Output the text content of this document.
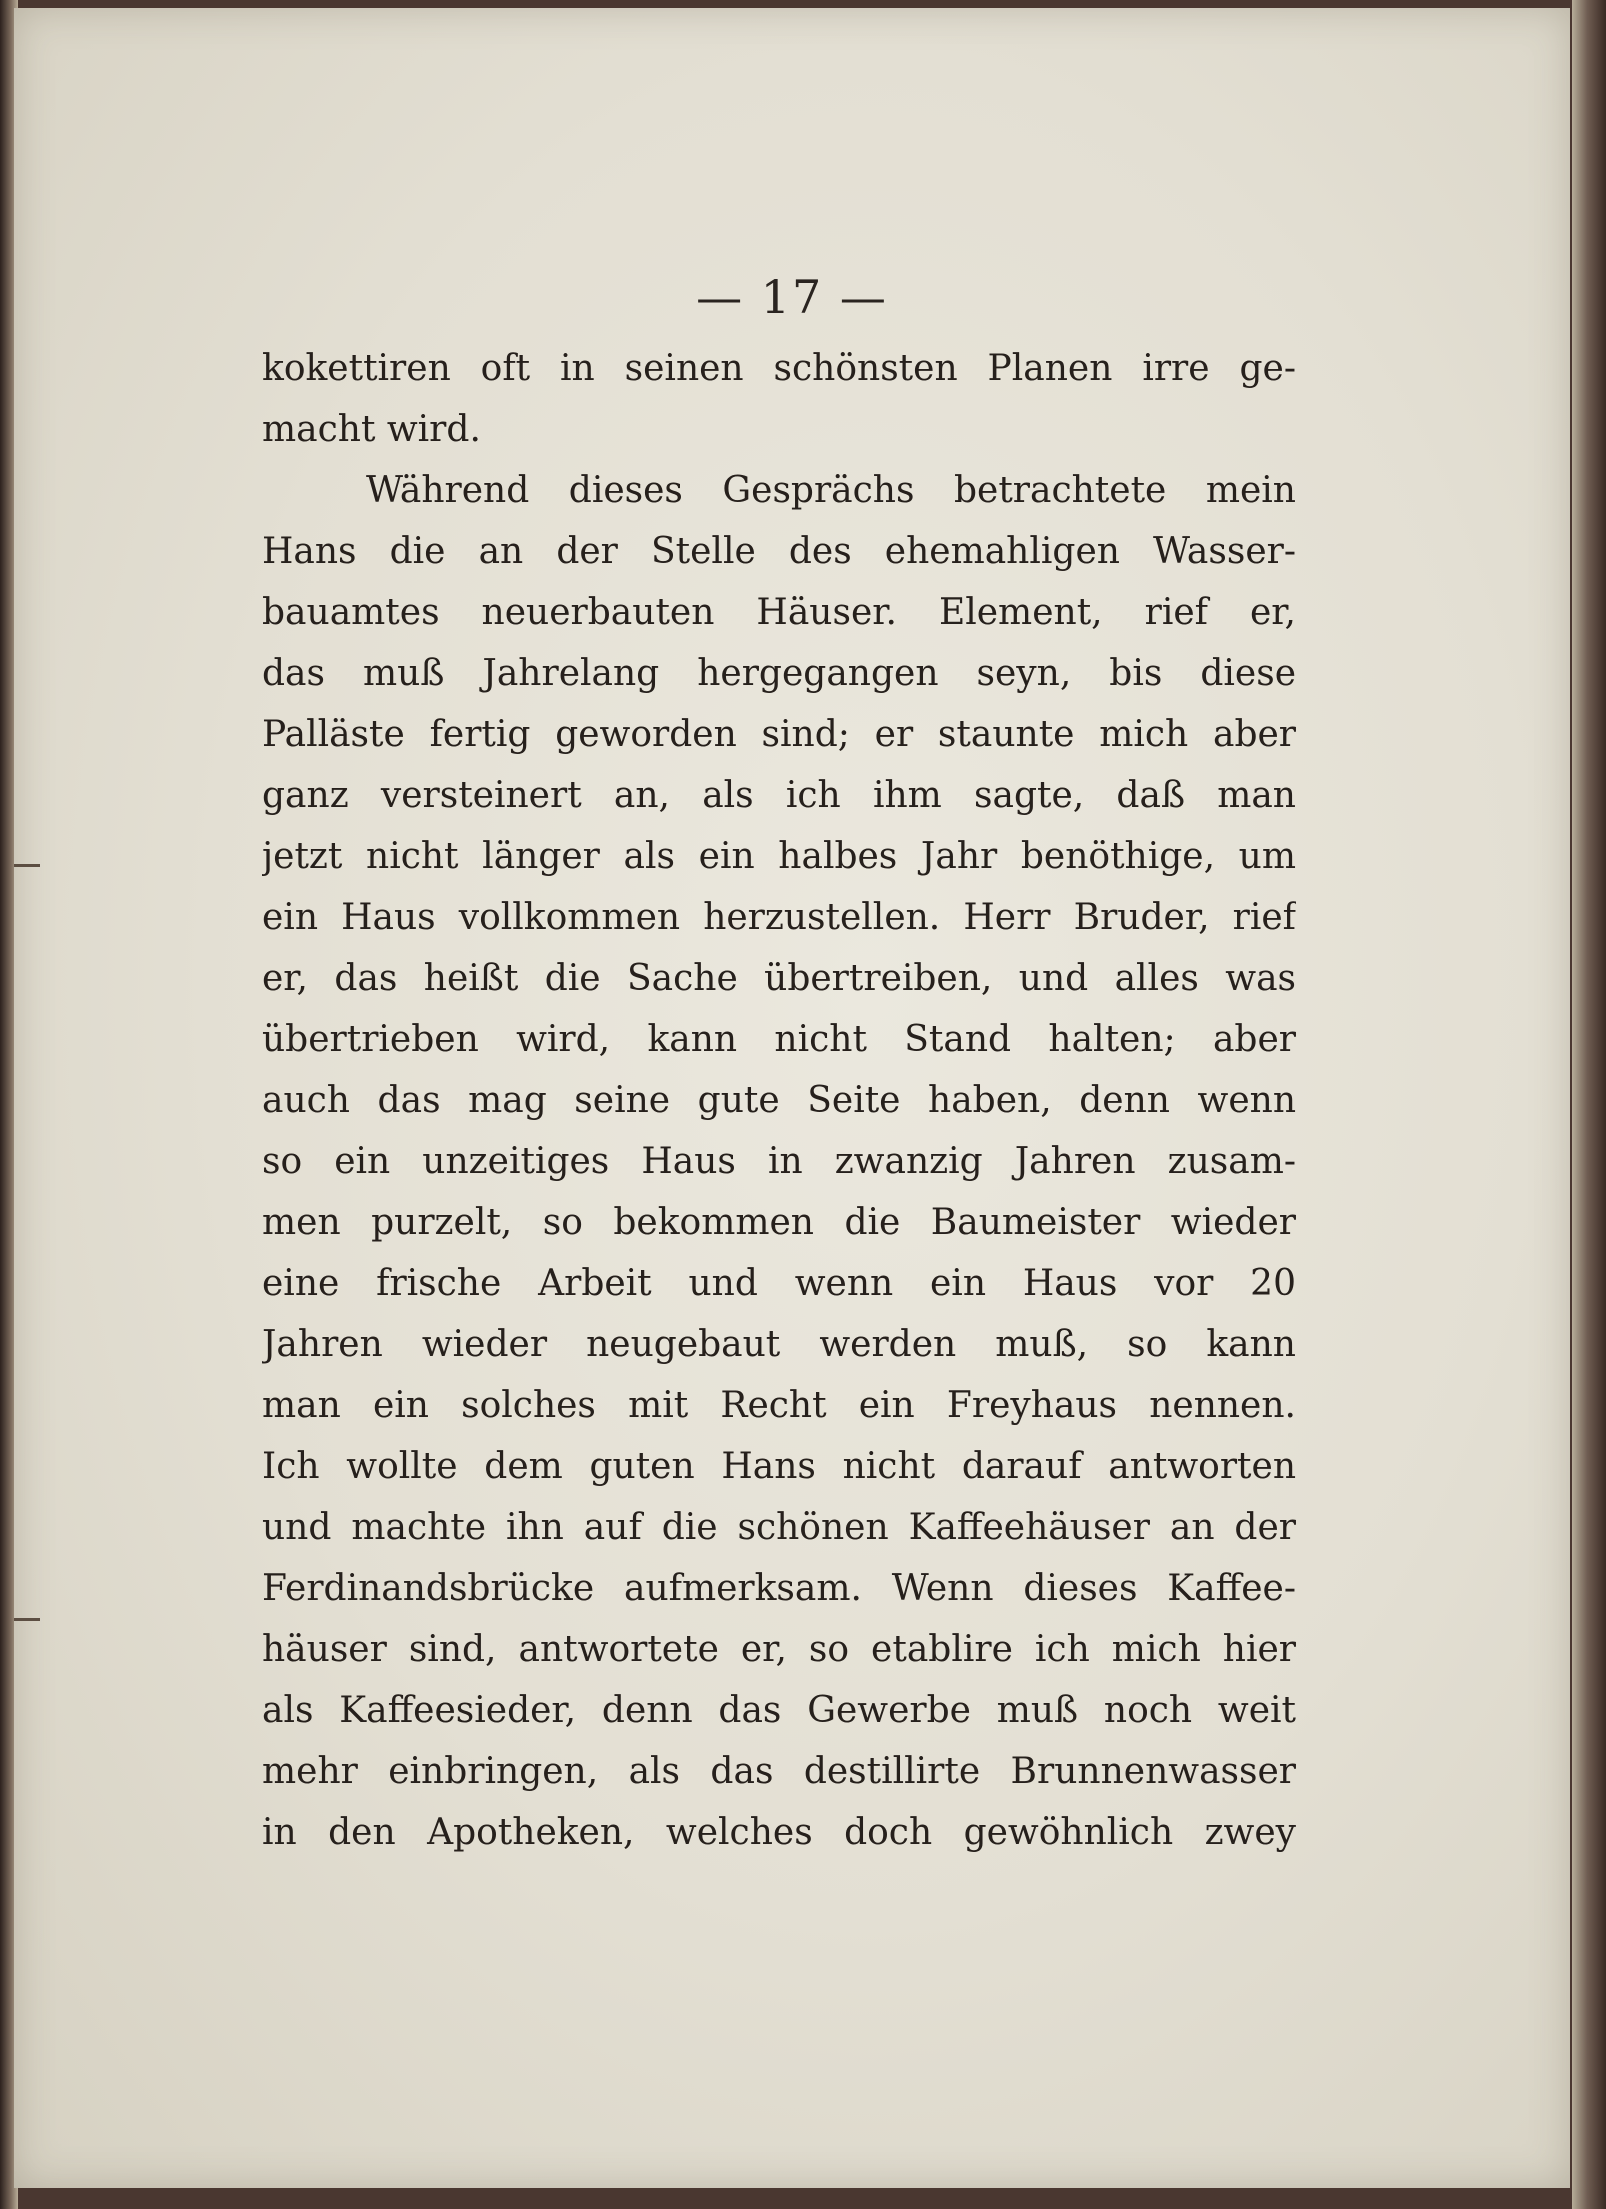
— 17 —
kokettiren oft in seinen schönsten Planen irre ge-
macht wird.
Während dieses Gesprächs betrachtete mein
Hans die an der Stelle des ehemahligen Wasser-
bauamtes neuerbauten Häuser. Element, rief er,
das muß Jahrelang hergegangen seyn, bis diese
Palläste fertig geworden sind; er staunte mich aber
ganz versteinert an, als ich ihm sagte, daß man
jetzt nicht länger als ein halbes Jahr benöthige, um
ein Haus vollkommen herzustellen. Herr Bruder, rief
er, das heißt die Sache übertreiben, und alles was
übertrieben wird, kann nicht Stand halten; aber
auch das mag seine gute Seite haben, denn wenn
so ein unzeitiges Haus in zwanzig Jahren zusam-
men purzelt, so bekommen die Baumeister wieder
eine frische Arbeit und wenn ein Haus vor 20
Jahren wieder neugebaut werden muß, so kann
man ein solches mit Recht ein Freyhaus nennen.
Ich wollte dem guten Hans nicht darauf antworten
und machte ihn auf die schönen Kaffeehäuser an der
Ferdinandsbrücke aufmerksam. Wenn dieses Kaffee-
häuser sind, antwortete er, so etablire ich mich hier
als Kaffeesieder, denn das Gewerbe muß noch weit
mehr einbringen, als das destillirte Brunnenwasser
in den Apotheken, welches doch gewöhnlich zwey
